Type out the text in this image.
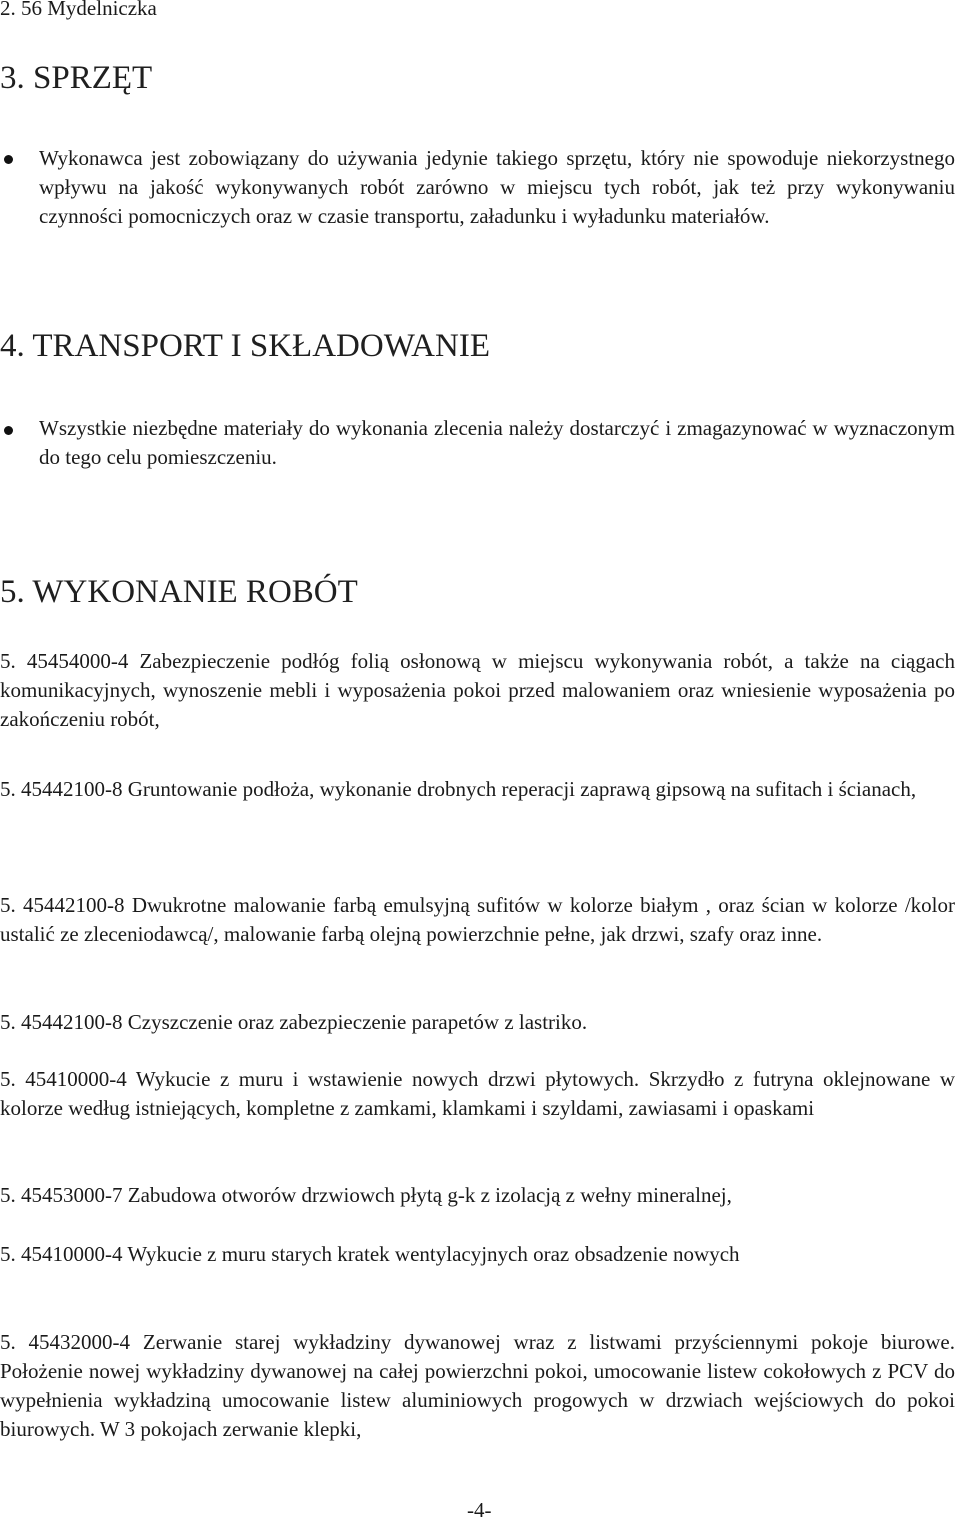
2. 56 Mydelniczka
3. SPRZĘT
Wykonawca jest zobowiązany do używania jedynie takiego sprzętu, który nie spowoduje niekorzystnego wpływu na jakość wykonywanych robót zarówno w miejscu tych robót, jak też przy wykonywaniu czynności pomocniczych oraz w czasie transportu, załadunku i wyładunku materiałów.
4. TRANSPORT I SKŁADOWANIE
Wszystkie niezbędne materiały do wykonania zlecenia należy dostarczyć i zmagazynować w wyznaczonym do tego celu pomieszczeniu.
5. WYKONANIE ROBÓT
5. 45454000-4 Zabezpieczenie podłóg folią osłonową w miejscu wykonywania robót, a także na ciągach komunikacyjnych, wynoszenie mebli i wyposażenia pokoi przed malowaniem oraz wniesienie wyposażenia po zakończeniu robót,
5. 45442100-8 Gruntowanie podłoża, wykonanie drobnych reperacji zaprawą gipsową na sufitach i ścianach,
5. 45442100-8 Dwukrotne malowanie farbą emulsyjną sufitów w kolorze białym , oraz ścian w kolorze /kolor ustalić ze zleceniodawcą/, malowanie farbą olejną powierzchnie pełne, jak drzwi, szafy oraz inne.
5. 45442100-8 Czyszczenie oraz zabezpieczenie parapetów z lastriko.
5. 45410000-4 Wykucie z muru i wstawienie nowych drzwi płytowych. Skrzydło z futryna oklejnowane w kolorze według istniejących, kompletne z zamkami, klamkami i szyldami, zawiasami i opaskami
5. 45453000-7 Zabudowa otworów drzwiowch płytą g-k z izolacją z wełny mineralnej,
5. 45410000-4 Wykucie z muru starych kratek wentylacyjnych oraz obsadzenie nowych
5. 45432000-4 Zerwanie starej wykładziny dywanowej wraz z listwami przyściennymi pokoje biurowe. Położenie nowej wykładziny dywanowej na całej powierzchni pokoi, umocowanie listew cokołowych z PCV do wypełnienia wykładziną umocowanie listew aluminiowych progowych w drzwiach wejściowych do pokoi biurowych. W 3 pokojach zerwanie klepki,
-4-
